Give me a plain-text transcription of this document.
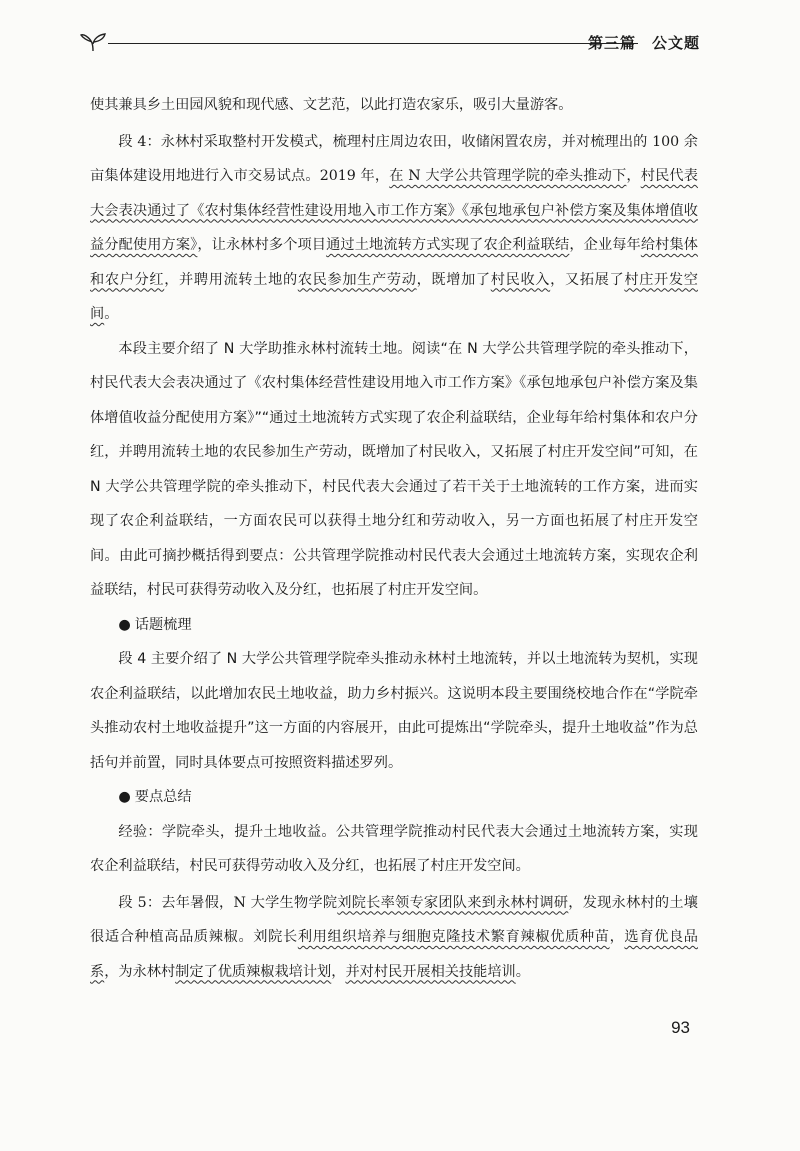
第三篇　公文题

使其兼具乡土田园风貌和现代感、文艺范，以此打造农家乐，吸引大量游客。

段 4：永林村采取整村开发模式，梳理村庄周边农田，收储闲置农房，并对梳理出的 100 余亩集体建设用地进行入市交易试点。2019 年，在 N 大学公共管理学院的牵头推动下，村民代表大会表决通过了《农村集体经营性建设用地入市工作方案》《承包地承包户补偿方案及集体增值收益分配使用方案》，让永林村多个项目通过土地流转方式实现了农企利益联结，企业每年给村集体和农户分红，并聘用流转土地的农民参加生产劳动，既增加了村民收入，又拓展了村庄开发空间。

本段主要介绍了 N 大学助推永林村流转土地。阅读“在 N 大学公共管理学院的牵头推动下，村民代表大会表决通过了《农村集体经营性建设用地入市工作方案》《承包地承包户补偿方案及集体增值收益分配使用方案》”“通过土地流转方式实现了农企利益联结，企业每年给村集体和农户分红，并聘用流转土地的农民参加生产劳动，既增加了村民收入，又拓展了村庄开发空间”可知，在 N 大学公共管理学院的牵头推动下，村民代表大会通过了若干关于土地流转的工作方案，进而实现了农企利益联结，一方面农民可以获得土地分红和劳动收入，另一方面也拓展了村庄开发空间。由此可摘抄概括得到要点：公共管理学院推动村民代表大会通过土地流转方案，实现农企利益联结，村民可获得劳动收入及分红，也拓展了村庄开发空间。

● 话题梳理

段 4 主要介绍了 N 大学公共管理学院牵头推动永林村土地流转，并以土地流转为契机，实现农企利益联结，以此增加农民土地收益，助力乡村振兴。这说明本段主要围绕校地合作在“学院牵头推动农村土地收益提升”这一方面的内容展开，由此可提炼出“学院牵头，提升土地收益”作为总括句并前置，同时具体要点可按照资料描述罗列。

● 要点总结

经验：学院牵头，提升土地收益。公共管理学院推动村民代表大会通过土地流转方案，实现农企利益联结，村民可获得劳动收入及分红，也拓展了村庄开发空间。

段 5：去年暑假，N 大学生物学院刘院长率领专家团队来到永林村调研，发现永林村的土壤很适合种植高品质辣椒。刘院长利用组织培养与细胞克隆技术繁育辣椒优质种苗，选育优良品系，为永林村制定了优质辣椒栽培计划，并对村民开展相关技能培训。

93
